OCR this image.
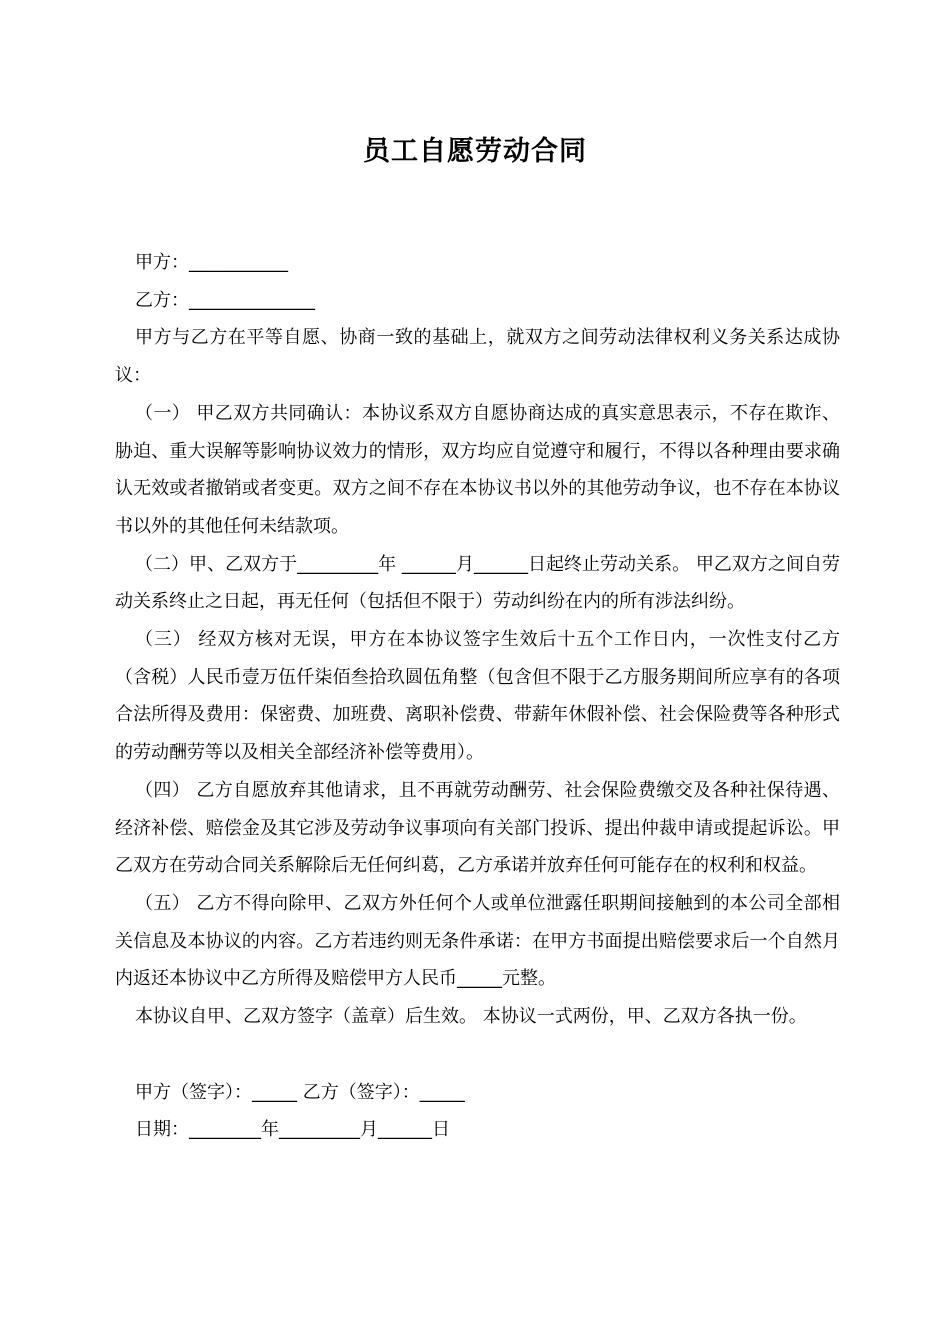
员工自愿劳动合同

甲方：___________

乙方：______________

甲方与乙方在平等自愿、协商一致的基础上，就双方之间劳动法律权利义务关系达成协议：

（一） 甲乙双方共同确认：本协议系双方自愿协商达成的真实意思表示，不存在欺诈、胁迫、重大误解等影响协议效力的情形，双方均应自觉遵守和履行，不得以各种理由要求确认无效或者撤销或者变更。双方之间不存在本协议书以外的其他劳动争议，也不存在本协议书以外的其他任何未结款项。

（二）甲、乙双方于_________年 ______月______日起终止劳动关系。 甲乙双方之间自劳动关系终止之日起，再无任何（包括但不限于）劳动纠纷在内的所有涉法纠纷。

（三） 经双方核对无误，甲方在本协议签字生效后十五个工作日内，一次性支付乙方（含税）人民币壹万伍仟柒佰叁拾玖圆伍角整（包含但不限于乙方服务期间所应享有的各项合法所得及费用：保密费、加班费、离职补偿费、带薪年休假补偿、社会保险费等各种形式的劳动酬劳等以及相关全部经济补偿等费用）。

（四） 乙方自愿放弃其他请求，且不再就劳动酬劳、社会保险费缴交及各种社保待遇、经济补偿、赔偿金及其它涉及劳动争议事项向有关部门投诉、提出仲裁申请或提起诉讼。甲乙双方在劳动合同关系解除后无任何纠葛，乙方承诺并放弃任何可能存在的权利和权益。

（五） 乙方不得向除甲、乙双方外任何个人或单位泄露任职期间接触到的本公司全部相关信息及本协议的内容。乙方若违约则无条件承诺：在甲方书面提出赔偿要求后一个自然月内返还本协议中乙方所得及赔偿甲方人民币_____元整。

本协议自甲、乙双方签字（盖章）后生效。 本协议一式两份，甲、乙双方各执一份。

甲方（签字）：_____ 乙方（签字）：_____

日期：________年_________月______日
